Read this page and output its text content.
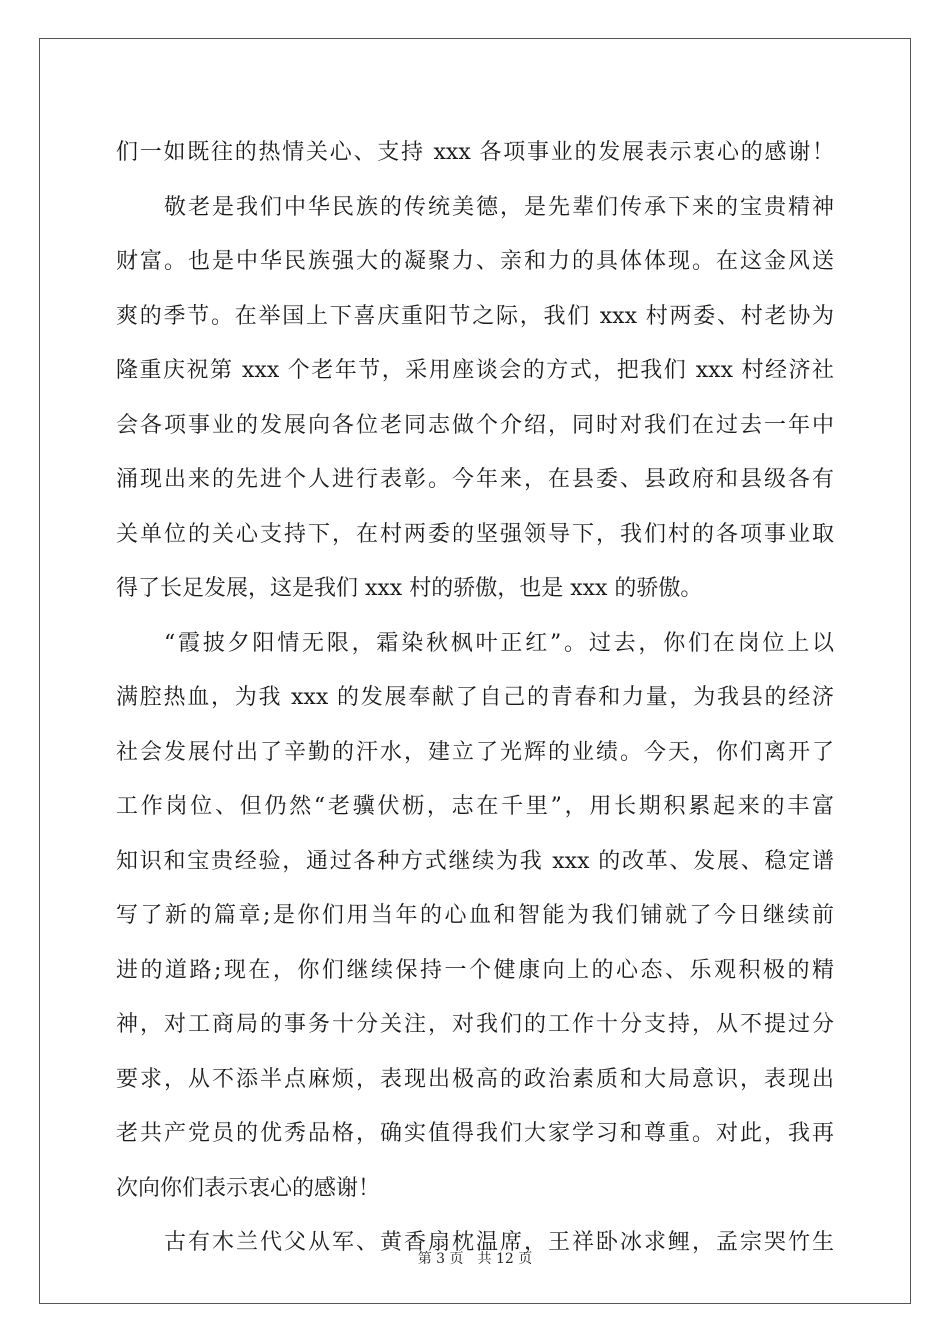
们一如既往的热情关心、支持 xxx 各项事业的发展表示衷心的感谢！
敬老是我们中华民族的传统美德，是先辈们传承下来的宝贵精神
财富。也是中华民族强大的凝聚力、亲和力的具体体现。在这金风送
爽的季节。在举国上下喜庆重阳节之际，我们 xxx 村两委、村老协为
隆重庆祝第 xxx 个老年节，采用座谈会的方式，把我们 xxx 村经济社
会各项事业的发展向各位老同志做个介绍，同时对我们在过去一年中
涌现出来的先进个人进行表彰。今年来，在县委、县政府和县级各有
关单位的关心支持下，在村两委的坚强领导下，我们村的各项事业取
得了长足发展，这是我们 xxx 村的骄傲，也是 xxx 的骄傲。
“霞披夕阳情无限，霜染秋枫叶正红”。过去，你们在岗位上以
满腔热血，为我 xxx 的发展奉献了自己的青春和力量，为我县的经济
社会发展付出了辛勤的汗水，建立了光辉的业绩。今天，你们离开了
工作岗位、但仍然“老骥伏枥，志在千里”，用长期积累起来的丰富
知识和宝贵经验，通过各种方式继续为我 xxx 的改革、发展、稳定谱
写了新的篇章;是你们用当年的心血和智能为我们铺就了今日继续前
进的道路;现在，你们继续保持一个健康向上的心态、乐观积极的精
神，对工商局的事务十分关注，对我们的工作十分支持，从不提过分
要求，从不添半点麻烦，表现出极高的政治素质和大局意识，表现出
老共产党员的优秀品格，确实值得我们大家学习和尊重。对此，我再
次向你们表示衷心的感谢！
古有木兰代父从军、黄香扇枕温席，王祥卧冰求鲤，孟宗哭竹生
第 3 页 共 12 页
